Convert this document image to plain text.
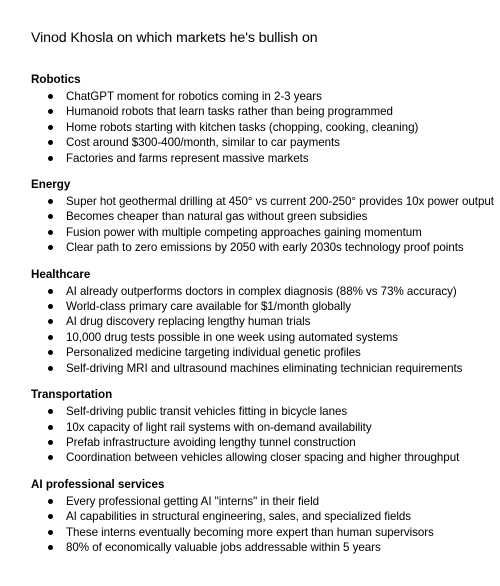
Vinod Khosla on which markets he's bullish on
Robotics
ChatGPT moment for robotics coming in 2-3 years
Humanoid robots that learn tasks rather than being programmed
Home robots starting with kitchen tasks (chopping, cooking, cleaning)
Cost around $300-400/month, similar to car payments
Factories and farms represent massive markets
Energy
Super hot geothermal drilling at 450° vs current 200-250° provides 10x power output
Becomes cheaper than natural gas without green subsidies
Fusion power with multiple competing approaches gaining momentum
Clear path to zero emissions by 2050 with early 2030s technology proof points
Healthcare
AI already outperforms doctors in complex diagnosis (88% vs 73% accuracy)
World-class primary care available for $1/month globally
AI drug discovery replacing lengthy human trials
10,000 drug tests possible in one week using automated systems
Personalized medicine targeting individual genetic profiles
Self-driving MRI and ultrasound machines eliminating technician requirements
Transportation
Self-driving public transit vehicles fitting in bicycle lanes
10x capacity of light rail systems with on-demand availability
Prefab infrastructure avoiding lengthy tunnel construction
Coordination between vehicles allowing closer spacing and higher throughput
AI professional services
Every professional getting AI "interns" in their field
AI capabilities in structural engineering, sales, and specialized fields
These interns eventually becoming more expert than human supervisors
80% of economically valuable jobs addressable within 5 years
